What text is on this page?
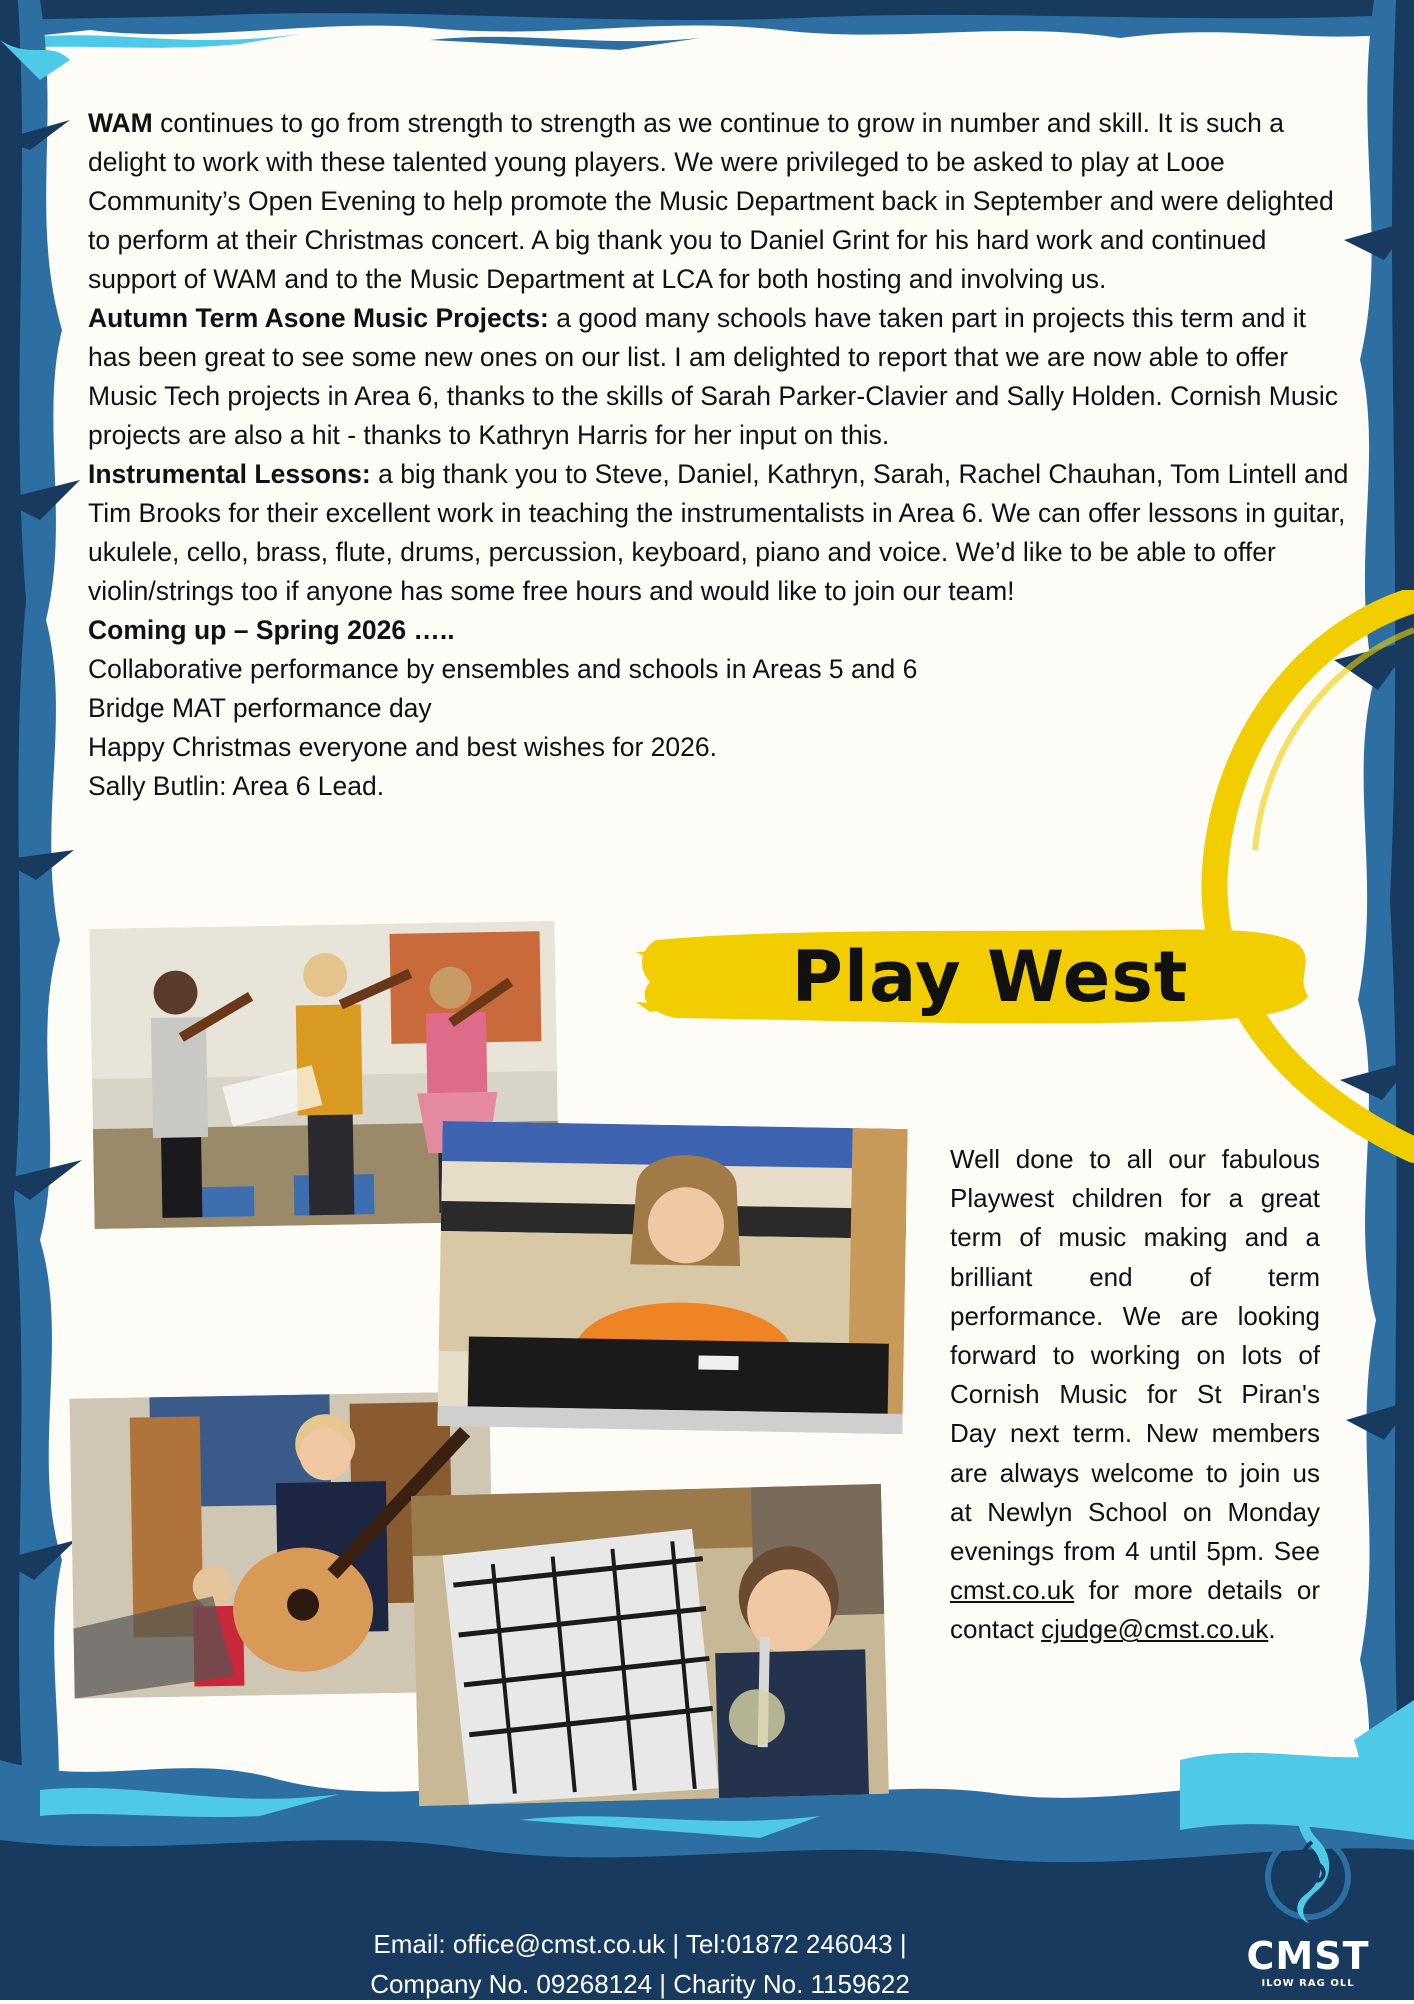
WAM continues to go from strength to strength as we continue to grow in number and skill. It is such a delight to work with these talented young players. We were privileged to be asked to play at Looe Community’s Open Evening to help promote the Music Department back in September and were delighted to perform at their Christmas concert. A big thank you to Daniel Grint for his hard work and continued support of WAM and to the Music Department at LCA for both hosting and involving us.

Autumn Term Asone Music Projects: a good many schools have taken part in projects this term and it has been great to see some new ones on our list. I am delighted to report that we are now able to offer Music Tech projects in Area 6, thanks to the skills of Sarah Parker-Clavier and Sally Holden. Cornish Music projects are also a hit - thanks to Kathryn Harris for her input on this.

Instrumental Lessons: a big thank you to Steve, Daniel, Kathryn, Sarah, Rachel Chauhan, Tom Lintell and Tim Brooks for their excellent work in teaching the instrumentalists in Area 6. We can offer lessons in guitar, ukulele, cello, brass, flute, drums, percussion, keyboard, piano and voice. We’d like to be able to offer violin/strings too if anyone has some free hours and would like to join our team!

Coming up – Spring 2026 …..

Collaborative performance by ensembles and schools in Areas 5 and 6

Bridge MAT performance day

Happy Christmas everyone and best wishes for 2026.

Sally Butlin: Area 6 Lead.

Play West
Well done to all our fabulous Playwest children for a great term of music making and a brilliant end of term performance. We are looking forward to working on lots of Cornish Music for St Piran's Day next term. New members are always welcome to join us at Newlyn School on Monday evenings from 4 until 5pm. See cmst.co.uk for more details or contact cjudge@cmst.co.uk.

Email: office@cmst.co.uk | Tel:01872 246043 |

Company No. 09268124 | Charity No. 1159622

CMST
ILOW RAG OLL
